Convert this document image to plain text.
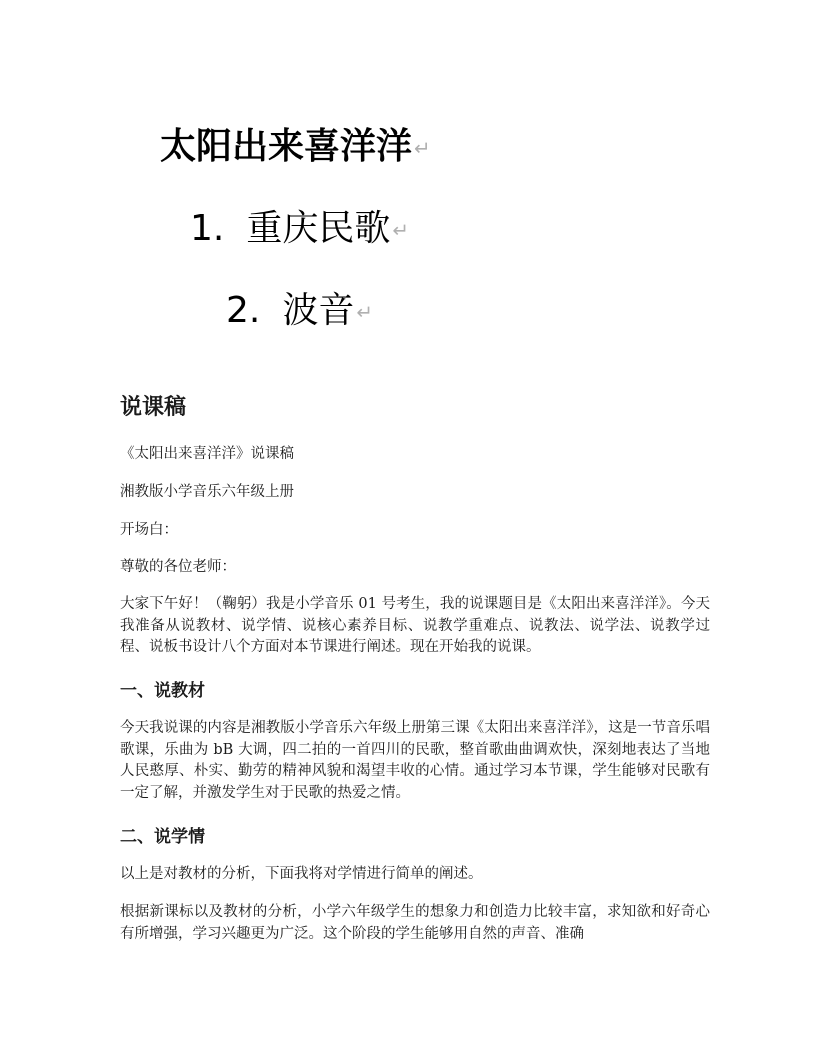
太阳出来喜洋洋 ↵
1. 重庆民歌 ↵
2. 波音 ↵
说课稿
《太阳出来喜洋洋》说课稿
湘教版小学音乐六年级上册
开场白：
尊敬的各位老师：
大家下午好！（鞠躬）我是小学音乐 01 号考生，我的说课题目是《太阳出来喜洋洋》。今天我准备从说教材、说学情、说核心素养目标、说教学重难点、说教法、说学法、说教学过程、说板书设计八个方面对本节课进行阐述。现在开始我的说课。
一、说教材
今天我说课的内容是湘教版小学音乐六年级上册第三课《太阳出来喜洋洋》，这是一节音乐唱歌课，乐曲为 bB 大调，四二拍的一首四川的民歌，整首歌曲曲调欢快，深刻地表达了当地人民憨厚、朴实、勤劳的精神风貌和渴望丰收的心情。通过学习本节课，学生能够对民歌有一定了解，并激发学生对于民歌的热爱之情。
二、说学情
以上是对教材的分析，下面我将对学情进行简单的阐述。
根据新课标以及教材的分析，小学六年级学生的想象力和创造力比较丰富，求知欲和好奇心有所增强，学习兴趣更为广泛。这个阶段的学生能够用自然的声音、准确
